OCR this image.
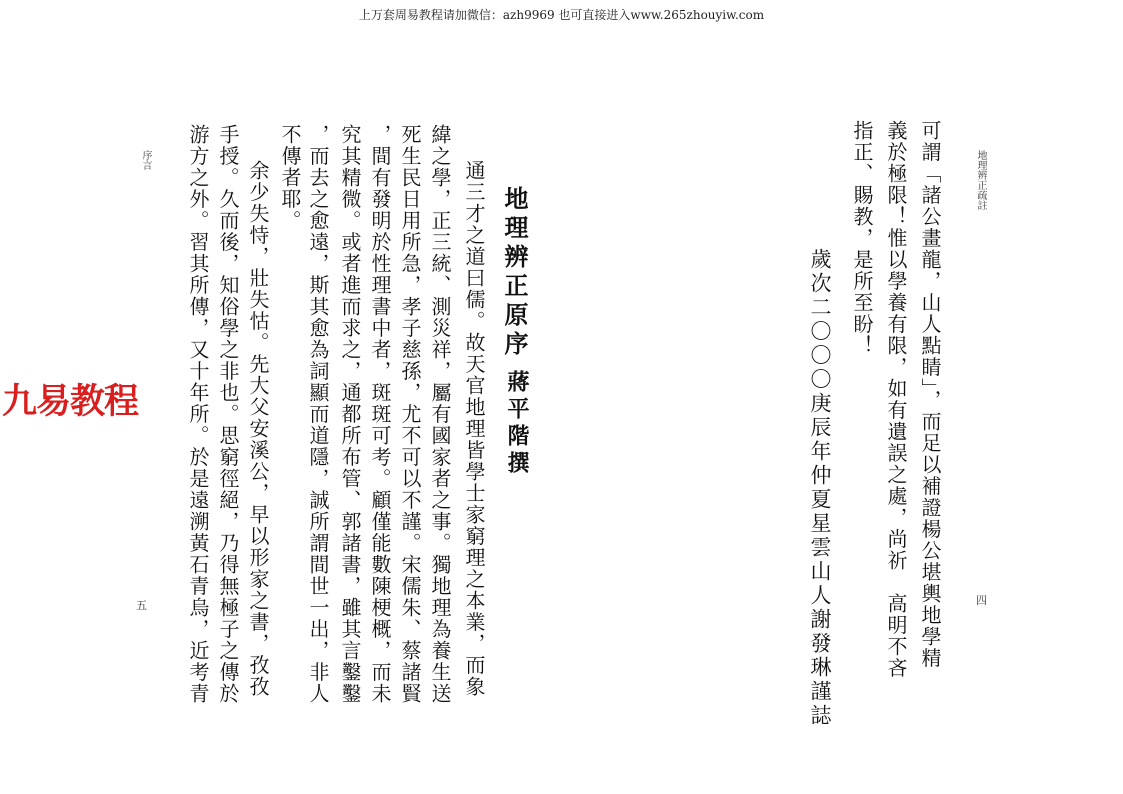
上万套周易教程请加微信：azh9969 也可直接进入www.265zhouyiw.com
九易教程
地理辨正疏註
四
可謂「諸公畫龍，山人點睛」，而足以補證楊公堪輿地學精
義於極限！惟以學養有限，如有遺誤之處，尚祈　高明不吝
指正、賜教，是所至盼！
歲次二〇〇〇庚辰年仲夏星雲山人謝發琳謹誌
地理辨正原序
蔣平階撰
通三才之道曰儒。故天官地理皆學士家窮理之本業，而象
緯之學，正三統、測災祥，屬有國家者之事。獨地理為養生送
死生民日用所急，孝子慈孫，尤不可以不謹。宋儒朱、蔡諸賢
，間有發明於性理書中者，斑斑可考。顧僅能數陳梗概，而未
究其精微。或者進而求之，通都所布管、郭諸書，雖其言鑿鑿
，而去之愈遠，斯其愈為詞顯而道隱，誠所謂間世一出，非人
不傳者耶。
余少失恃，壯失怙。先大父安溪公，早以形家之書，孜孜
手授。久而後，知俗學之非也。思窮徑絕，乃得無極子之傳於
游方之外。習其所傳，又十年所。於是遠溯黃石青烏，近考青
序言
五
